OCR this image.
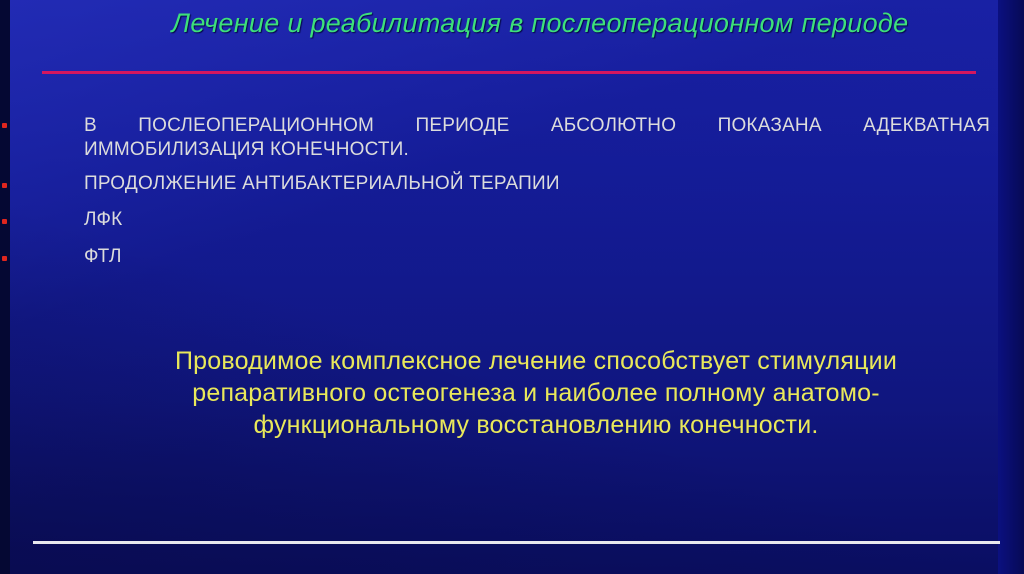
Лечение и реабилитация в послеоперационном периоде
В ПОСЛЕОПЕРАЦИОННОМ ПЕРИОДЕ АБСОЛЮТНО ПОКАЗАНА АДЕКВАТНАЯ ИММОБИЛИЗАЦИЯ КОНЕЧНОСТИ.
ПРОДОЛЖЕНИЕ АНТИБАКТЕРИАЛЬНОЙ ТЕРАПИИ
ЛФК
ФТЛ
Проводимое комплексное лечение способствует стимуляции репаративного остеогенеза и наиболее полному анатомо-функциональному восстановлению конечности.
